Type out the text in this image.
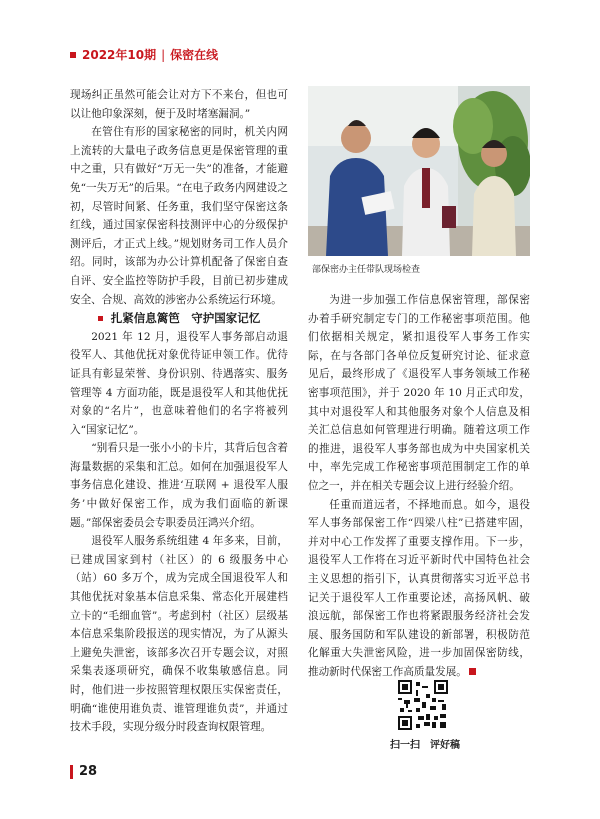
2022年10期 | 保密在线

现场纠正虽然可能会让对方下不来台，但也可以让他印象深刻，便于及时堵塞漏洞。”

在管住有形的国家秘密的同时，机关内网上流转的大量电子政务信息更是保密管理的重中之重，只有做好“万无一失”的准备，才能避免“一失万无”的后果。“在电子政务内网建设之初，尽管时间紧、任务重，我们坚守保密这条红线，通过国家保密科技测评中心的分级保护测评后，才正式上线。”规划财务司工作人员介绍。同时，该部为办公计算机配备了保密自查自评、安全监控等防护手段，目前已初步建成安全、合规、高效的涉密办公系统运行环境。

扎紧信息篱笆　守护国家记忆

2021 年 12 月，退役军人事务部启动退役军人、其他优抚对象优待证申领工作。优待证具有彰显荣誉、身份识别、待遇落实、服务管理等 4 方面功能，既是退役军人和其他优抚对象的“名片”，也意味着他们的名字将被列入“国家记忆”。

“别看只是一张小小的卡片，其背后包含着海量数据的采集和汇总。如何在加强退役军人事务信息化建设、推进‘互联网 + 退役军人服务’中做好保密工作，成为我们面临的新课题。”部保密委员会专职委员汪鸿兴介绍。

退役军人服务系统组建 4 年多来，目前，已建成国家到村（社区）的 6 级服务中心（站）60 多万个，成为完成全国退役军人和其他优抚对象基本信息采集、常态化开展建档立卡的“毛细血管”。考虑到村（社区）层级基本信息采集阶段报送的现实情况，为了从源头上避免失泄密，该部多次召开专题会议，对照采集表逐项研究，确保不收集敏感信息。同时，他们进一步按照管理权限压实保密责任，明确“谁使用谁负责、谁管理谁负责”，并通过技术手段，实现分级分时段查询权限管理。

部保密办主任带队现场检查

为进一步加强工作信息保密管理，部保密办着手研究制定专门的工作秘密事项范围。他们依据相关规定，紧扣退役军人事务工作实际，在与各部门各单位反复研究讨论、征求意见后，最终形成了《退役军人事务领域工作秘密事项范围》，并于 2020 年 10 月正式印发，其中对退役军人和其他服务对象个人信息及相关汇总信息如何管理进行明确。随着这项工作的推进，退役军人事务部也成为中央国家机关中，率先完成工作秘密事项范围制定工作的单位之一，并在相关专题会议上进行经验介绍。

任重而道远者，不择地而息。如今，退役军人事务部保密工作“四梁八柱”已搭建牢固，并对中心工作发挥了重要支撑作用。下一步，退役军人工作将在习近平新时代中国特色社会主义思想的指引下，认真贯彻落实习近平总书记关于退役军人工作重要论述，高扬风帆、破浪远航，部保密工作也将紧跟服务经济社会发展、服务国防和军队建设的新部署，积极防范化解重大失泄密风险，进一步加固保密防线，推动新时代保密工作高质量发展。

扫一扫　评好稿
28
